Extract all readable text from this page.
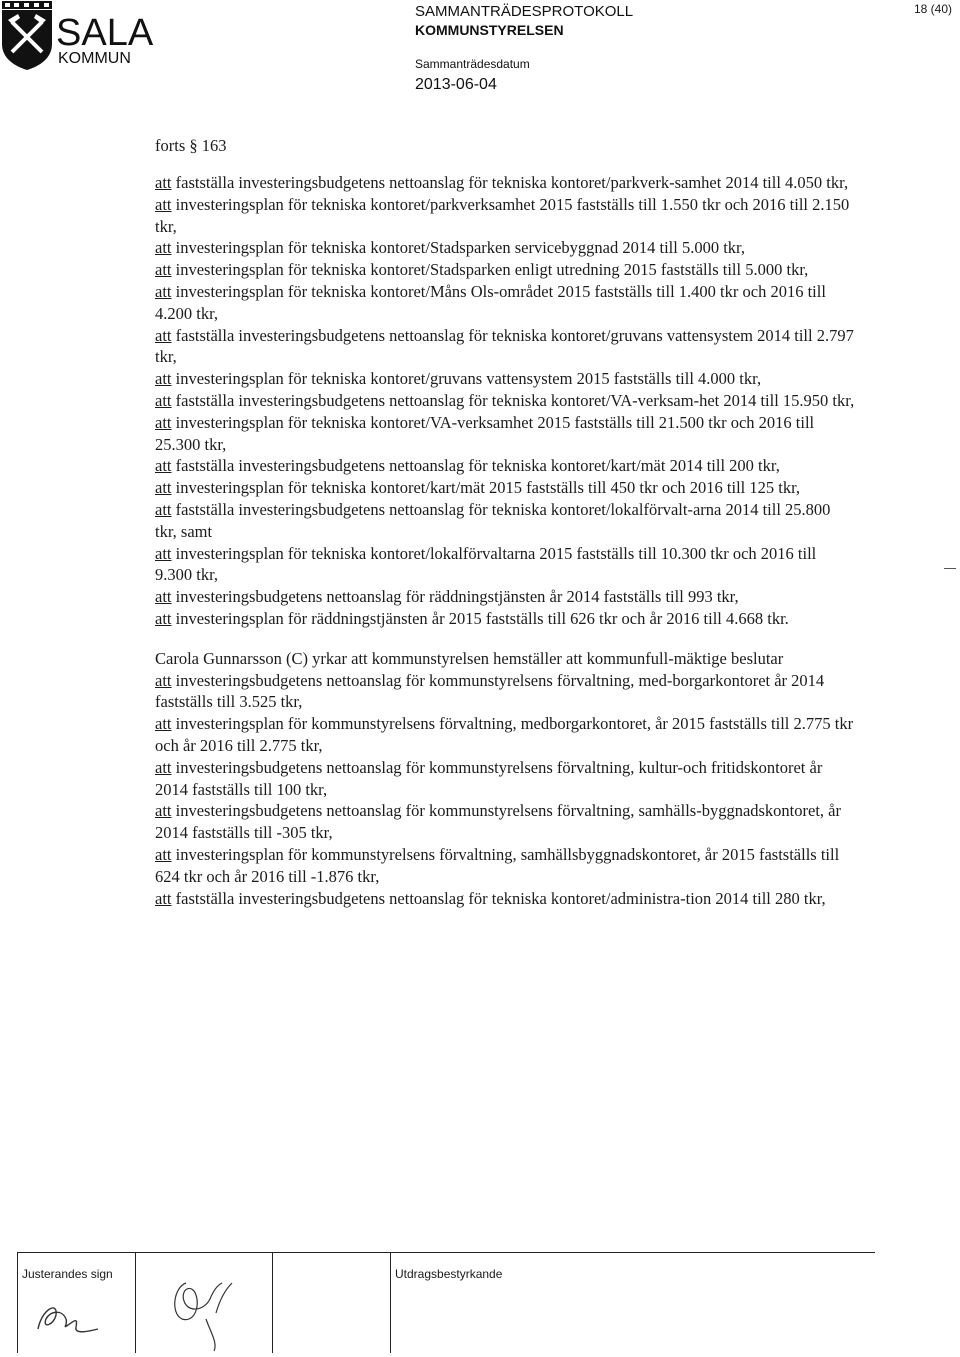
SALA
KOMMUN
SAMMANTRÄDESPROTOKOLL
KOMMUNSTYRELSEN
Sammanträdesdatum
2013-06-04
18 (40)
forts § 163

att fastställa investeringsbudgetens nettoanslag för tekniska kontoret/parkverk-samhet 2014 till 4.050 tkr,

att investeringsplan för tekniska kontoret/parkverksamhet 2015 fastställs till 1.550 tkr och 2016 till 2.150 tkr,

att investeringsplan för tekniska kontoret/Stadsparken servicebyggnad 2014 till 5.000 tkr,

att investeringsplan för tekniska kontoret/Stadsparken enligt utredning 2015 fastställs till 5.000 tkr,

att investeringsplan för tekniska kontoret/Måns Ols-området 2015 fastställs till 1.400 tkr och 2016 till 4.200 tkr,

att fastställa investeringsbudgetens nettoanslag för tekniska kontoret/gruvans vattensystem 2014 till 2.797 tkr,

att investeringsplan för tekniska kontoret/gruvans vattensystem 2015 fastställs till 4.000 tkr,

att fastställa investeringsbudgetens nettoanslag för tekniska kontoret/VA-verksam-het 2014 till 15.950 tkr,

att investeringsplan för tekniska kontoret/VA-verksamhet 2015 fastställs till 21.500 tkr och 2016 till 25.300 tkr,

att fastställa investeringsbudgetens nettoanslag för tekniska kontoret/kart/mät 2014 till 200 tkr,

att investeringsplan för tekniska kontoret/kart/mät 2015 fastställs till 450 tkr och 2016 till 125 tkr,

att fastställa investeringsbudgetens nettoanslag för tekniska kontoret/lokalförvalt-arna 2014 till 25.800 tkr, samt

att investeringsplan för tekniska kontoret/lokalförvaltarna 2015 fastställs till 10.300 tkr och 2016 till 9.300 tkr,

att investeringsbudgetens nettoanslag för räddningstjänsten år 2014 fastställs till 993 tkr,

att investeringsplan för räddningstjänsten år 2015 fastställs till 626 tkr och år 2016 till 4.668 tkr.

Carola Gunnarsson (C) yrkar att kommunstyrelsen hemställer att kommunfull-mäktige beslutar

att investeringsbudgetens nettoanslag för kommunstyrelsens förvaltning, med-borgarkontoret år 2014 fastställs till 3.525 tkr,

att investeringsplan för kommunstyrelsens förvaltning, medborgarkontoret, år 2015 fastställs till 2.775 tkr och år 2016 till 2.775 tkr,

att investeringsbudgetens nettoanslag för kommunstyrelsens förvaltning, kultur-och fritidskontoret år 2014 fastställs till 100 tkr,

att investeringsbudgetens nettoanslag för kommunstyrelsens förvaltning, samhälls-byggnadskontoret, år 2014 fastställs till -305 tkr,

att investeringsplan för kommunstyrelsens förvaltning, samhällsbyggnadskontoret, år 2015 fastställs till 624 tkr och år 2016 till -1.876 tkr,

att fastställa investeringsbudgetens nettoanslag för tekniska kontoret/administra-tion 2014 till 280 tkr,

Justerandes sign	Utdragsbestyrkande
